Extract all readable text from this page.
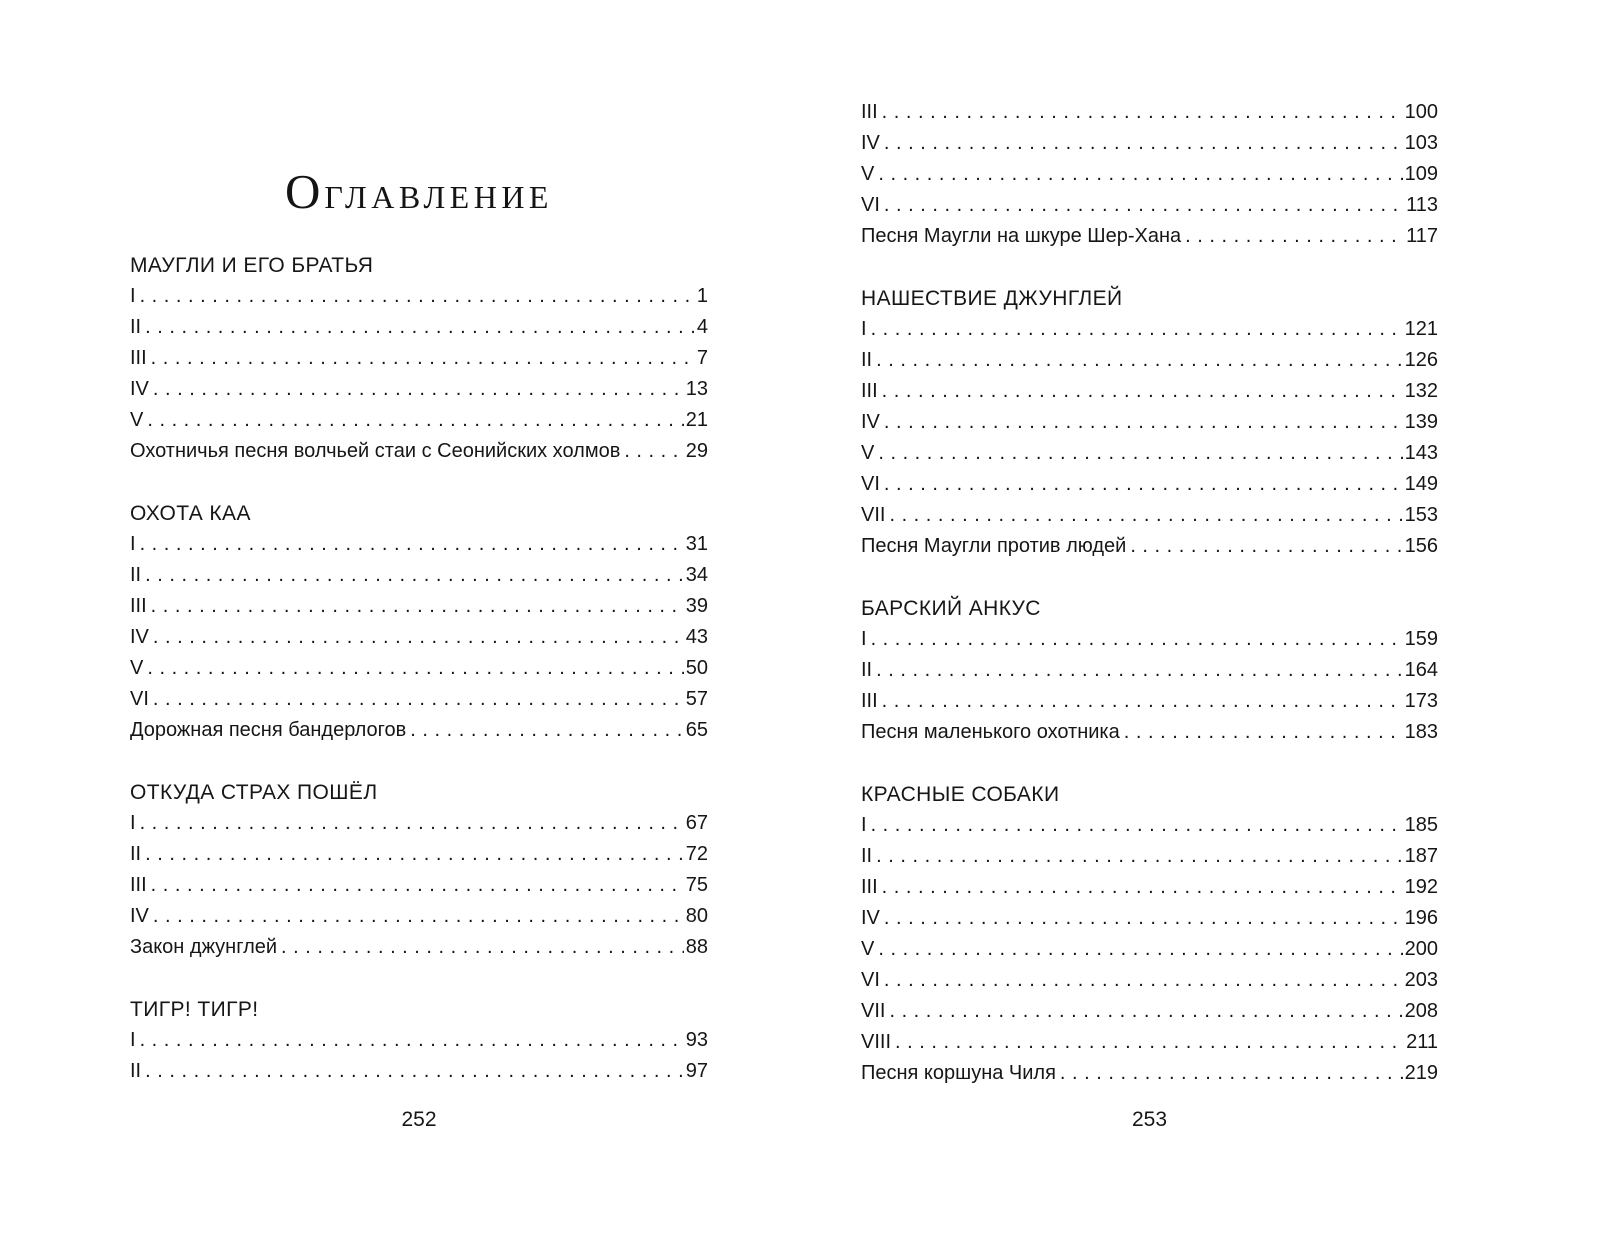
ОГЛАВЛЕНИЕ
МАУГЛИ И ЕГО БРАТЬЯ
I . . .	1
II . . .	4
III . . .	7
IV . . .	13
V . . .	21
Охотничья песня волчьей стаи с Сеонийских холмов . . .	29
ОХОТА КАА
I . . .	31
II . . .	34
III . . .	39
IV . . .	43
V . . .	50
VI . . .	57
Дорожная песня бандерлогов . . .	65
ОТКУДА СТРАХ ПОШЁЛ
I . . .	67
II . . .	72
III . . .	75
IV . . .	80
Закон джунглей . . .	88
ТИГР! ТИГР!
I . . .	93
II . . .	97
III . . .	100
IV . . .	103
V . . .	109
VI . . .	113
Песня Маугли на шкуре Шер-Хана . . .	117
НАШЕСТВИЕ ДЖУНГЛЕЙ
I . . .	121
II . . .	126
III . . .	132
IV . . .	139
V . . .	143
VI . . .	149
VII . . .	153
Песня Маугли против людей . . .	156
БАРСКИЙ АНКУС
I . . .	159
II . . .	164
III . . .	173
Песня маленького охотника . . .	183
КРАСНЫЕ СОБАКИ
I . . .	185
II . . .	187
III . . .	192
IV . . .	196
V . . .	200
VI . . .	203
VII . . .	208
VIII . . .	211
Песня коршуна Чиля . . .	219
252	253
